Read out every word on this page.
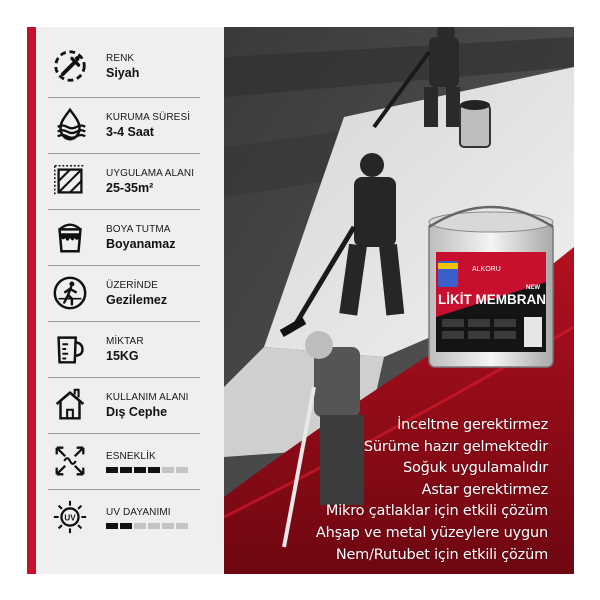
RENK
Siyah
KURUMA SÜRESİ
3-4 Saat
UYGULAMA ALANI
25-35m²
BOYA TUTMA
Boyanamaz
ÜZERİNDE
Gezilemez
MİKTAR
15KG
KULLANIM ALANI
Dış Cephe
ESNEKLİK
UV
UV DAYANIMI
ALKORU
LİKİT MEMBRAN
NEW
İnceltme gerektirmez
Sürüme hazır gelmektedir
Soğuk uygulamalıdır
Astar gerektirmez
Mikro çatlaklar için etkili çözüm
Ahşap ve metal yüzeylere uygun
Nem/Rutubet için etkili çözüm
